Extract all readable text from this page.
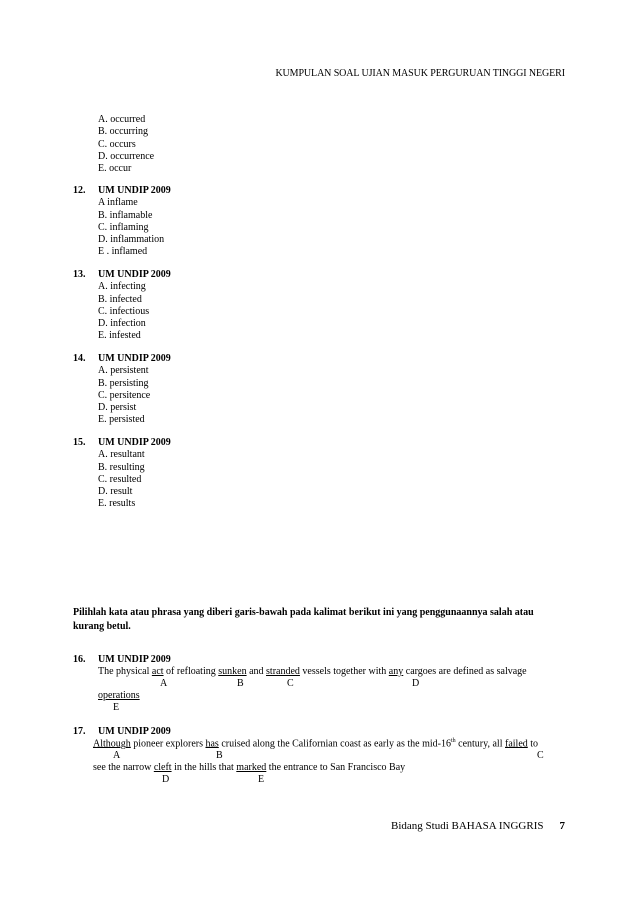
KUMPULAN SOAL UJIAN MASUK PERGURUAN TINGGI NEGERI
A. occurred
B. occurring
C. occurs
D. occurrence
E. occur
12.	UM UNDIP 2009
A inflame
B. inflamable
C. inflaming
D. inflammation
E . inflamed
13.	UM UNDIP 2009
A. infecting
B. infected
C. infectious
D. infection
E. infested
14.	UM UNDIP 2009
A. persistent
B. persisting
C. persitence
D. persist
E. persisted
15.	UM UNDIP 2009
A. resultant
B. resulting
C. resulted
D. result
E. results
Pilihlah kata atau phrasa yang diberi garis-bawah pada kalimat berikut ini yang penggunaannya salah atau kurang betul.
16.	UM UNDIP 2009
The physical act of refloating sunken and stranded vessels together with any cargoes are defined as salvage
A	B	C	D
operations
E
17.	UM UNDIP 2009
Although pioneer explorers has cruised along the Californian coast as early as the mid-16th century, all failed to
A	B	C
see the narrow cleft in the hills that marked the entrance to San Francisco Bay
D	E
Bidang Studi BAHASA INGGRIS 7
